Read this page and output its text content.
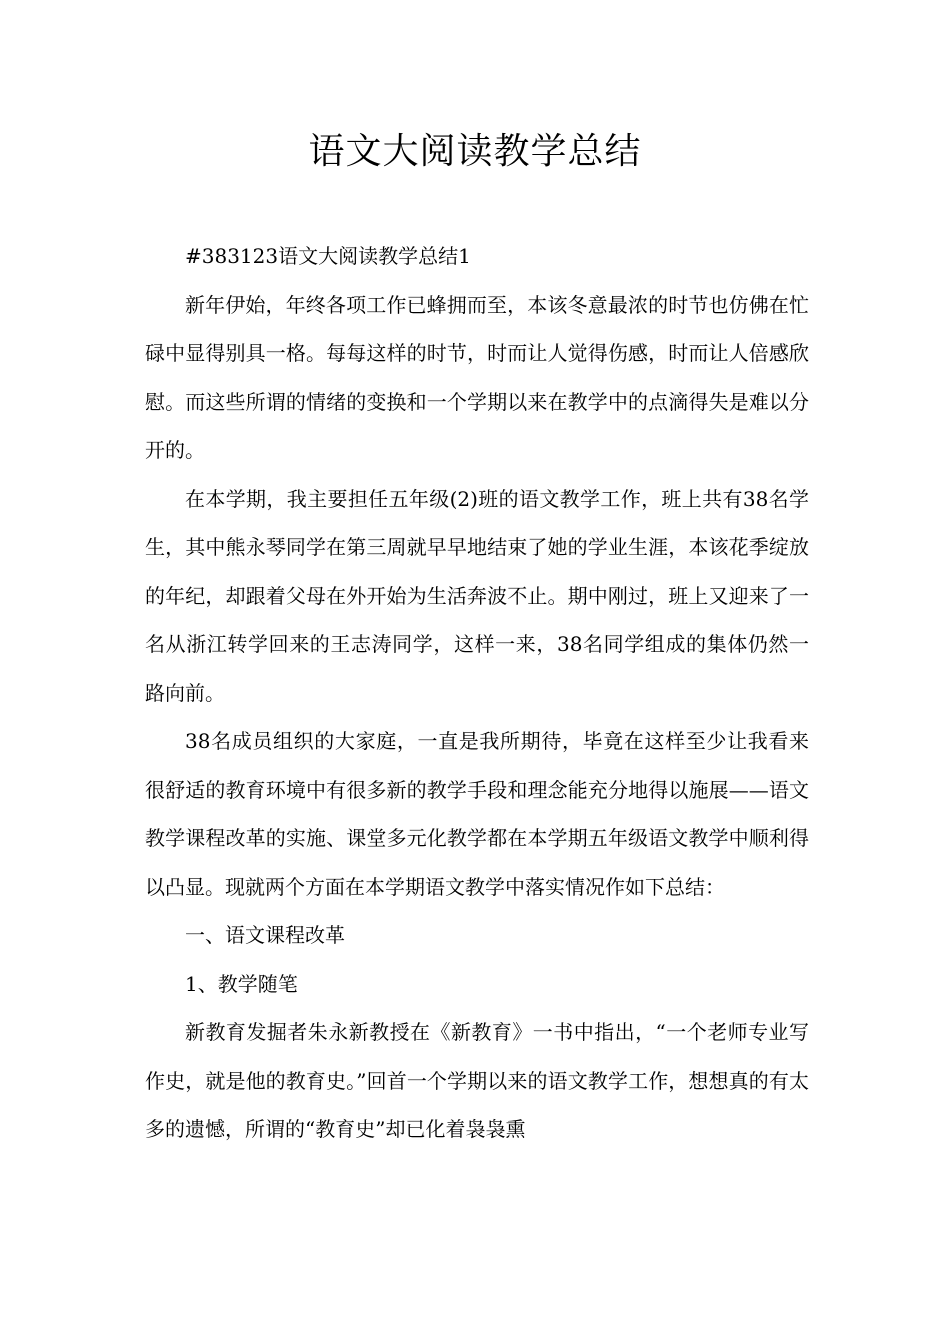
语文大阅读教学总结

#383123语文大阅读教学总结1

新年伊始，年终各项工作已蜂拥而至，本该冬意最浓的时节也仿佛在忙碌中显得别具一格。每每这样的时节，时而让人觉得伤感，时而让人倍感欣慰。而这些所谓的情绪的变换和一个学期以来在教学中的点滴得失是难以分开的。

在本学期，我主要担任五年级(2)班的语文教学工作，班上共有38名学生，其中熊永琴同学在第三周就早早地结束了她的学业生涯，本该花季绽放的年纪，却跟着父母在外开始为生活奔波不止。期中刚过，班上又迎来了一名从浙江转学回来的王志涛同学，这样一来，38名同学组成的集体仍然一路向前。

38名成员组织的大家庭，一直是我所期待，毕竟在这样至少让我看来很舒适的教育环境中有很多新的教学手段和理念能充分地得以施展——语文教学课程改革的实施、课堂多元化教学都在本学期五年级语文教学中顺利得以凸显。现就两个方面在本学期语文教学中落实情况作如下总结：

一、语文课程改革

1、教学随笔

新教育发掘者朱永新教授在《新教育》一书中指出，“一个老师专业写作史，就是他的教育史。”回首一个学期以来的语文教学工作，想想真的有太多的遗憾，所谓的“教育史”却已化着袅袅熏
